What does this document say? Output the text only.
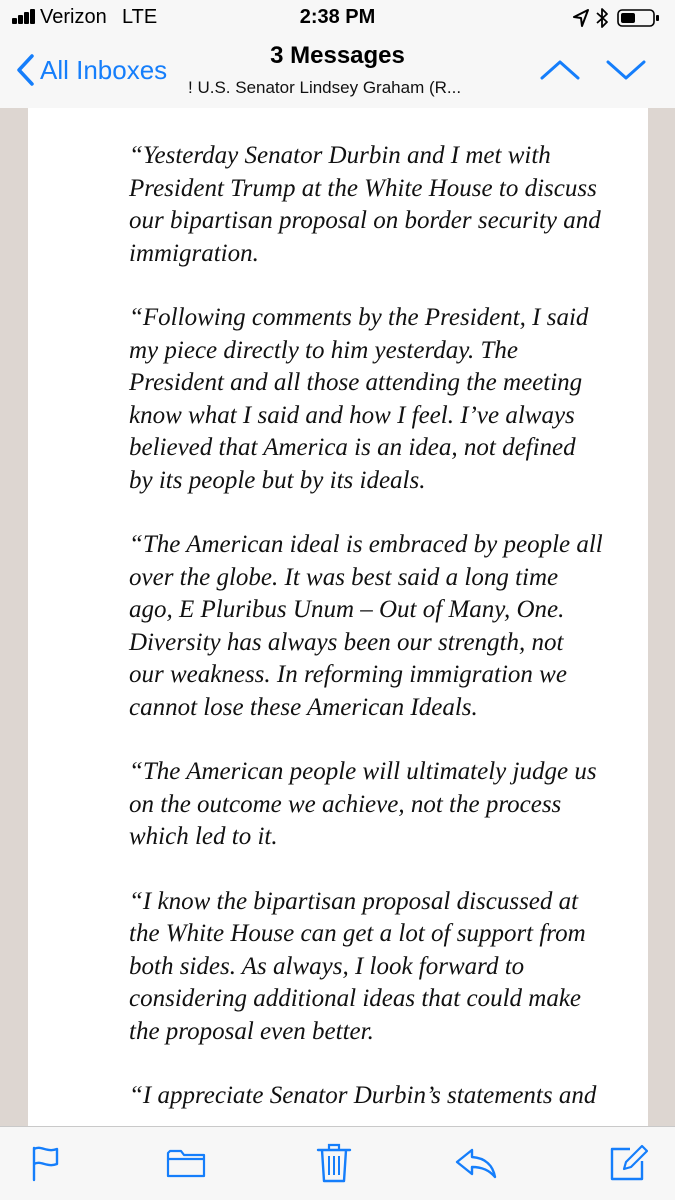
Verizon LTE	2:38 PM
All Inboxes	3 Messages
! U.S. Senator Lindsey Graham (R...

“Yesterday Senator Durbin and I met with
President Trump at the White House to discuss
our bipartisan proposal on border security and
immigration.

“Following comments by the President, I said
my piece directly to him yesterday. The
President and all those attending the meeting
know what I said and how I feel. I’ve always
believed that America is an idea, not defined
by its people but by its ideals.

“The American ideal is embraced by people all
over the globe. It was best said a long time
ago, E Pluribus Unum – Out of Many, One.
Diversity has always been our strength, not
our weakness. In reforming immigration we
cannot lose these American Ideals.

“The American people will ultimately judge us
on the outcome we achieve, not the process
which led to it.

“I know the bipartisan proposal discussed at
the White House can get a lot of support from
both sides. As always, I look forward to
considering additional ideas that could make
the proposal even better.

“I appreciate Senator Durbin’s statements and
